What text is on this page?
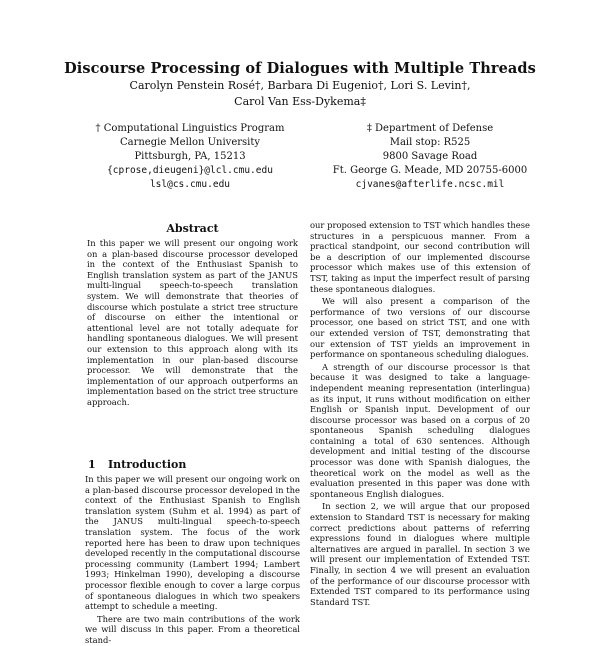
Discourse Processing of Dialogues with Multiple Threads
Carolyn Penstein Rosé†, Barbara Di Eugenio†, Lori S. Levin†,
Carol Van Ess-Dykema‡
† Computational Linguistics Program
Carnegie Mellon University
Pittsburgh, PA, 15213
{cprose,dieugeni}@lcl.cmu.edu
lsl@cs.cmu.edu
‡ Department of Defense
Mail stop: R525
9800 Savage Road
Ft. George G. Meade, MD 20755-6000
cjvanes@afterlife.ncsc.mil
Abstract

In this paper we will present our ongoing work on a plan-based discourse processor developed in the context of the Enthusiast Spanish to English translation system as part of the JANUS multi-lingual speech-to-speech translation system. We will demonstrate that theories of discourse which postulate a strict tree structure of discourse on either the intentional or attentional level are not totally adequate for handling spontaneous dialogues. We will present our extension to this approach along with its implementation in our plan-based discourse processor. We will demonstrate that the implementation of our approach outperforms an implementation based on the strict tree structure approach.

1 Introduction

In this paper we will present our ongoing work on a plan-based discourse processor developed in the context of the Enthusiast Spanish to English translation system (Suhm et al. 1994) as part of the JANUS multi-lingual speech-to-speech translation system. The focus of the work reported here has been to draw upon techniques developed recently in the computational discourse processing community (Lambert 1994; Lambert 1993; Hinkelman 1990), developing a discourse processor flexible enough to cover a large corpus of spontaneous dialogues in which two speakers attempt to schedule a meeting.

There are two main contributions of the work we will discuss in this paper. From a theoretical stand-

our proposed extension to TST which handles these structures in a perspicuous manner. From a practical standpoint, our second contribution will be a description of our implemented discourse processor which makes use of this extension of TST, taking as input the imperfect result of parsing these spontaneous dialogues.

We will also present a comparison of the performance of two versions of our discourse processor, one based on strict TST, and one with our extended version of TST, demonstrating that our extension of TST yields an improvement in performance on spontaneous scheduling dialogues.

A strength of our discourse processor is that because it was designed to take a language-independent meaning representation (interlingua) as its input, it runs without modification on either English or Spanish input. Development of our discourse processor was based on a corpus of 20 spontaneous Spanish scheduling dialogues containing a total of 630 sentences. Although development and initial testing of the discourse processor was done with Spanish dialogues, the theoretical work on the model as well as the evaluation presented in this paper was done with spontaneous English dialogues.

In section 2, we will argue that our proposed extension to Standard TST is necessary for making correct predictions about patterns of referring expressions found in dialogues where multiple alternatives are argued in parallel. In section 3 we will present our implementation of Extended TST. Finally, in section 4 we will present an evaluation of the performance of our discourse processor with Extended TST compared to its performance using Standard TST.
